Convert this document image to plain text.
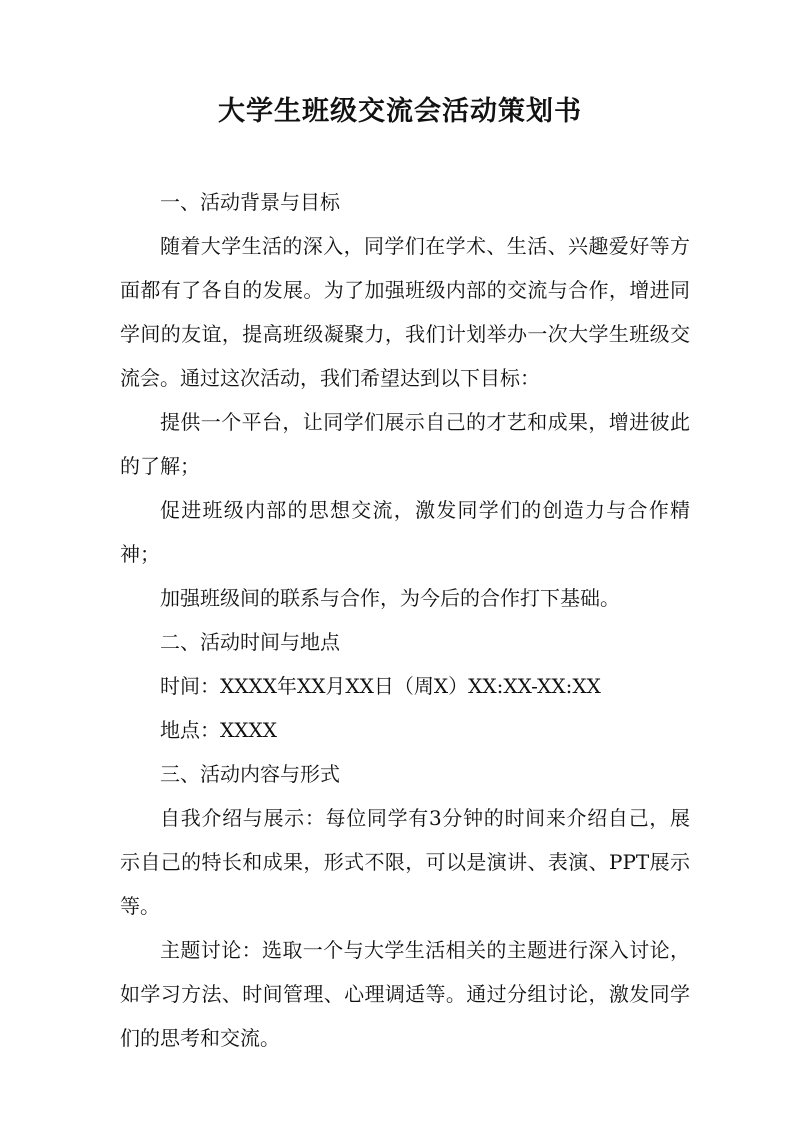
大学生班级交流会活动策划书

一、活动背景与目标

随着大学生活的深入，同学们在学术、生活、兴趣爱好等方面都有了各自的发展。为了加强班级内部的交流与合作，增进同学间的友谊，提高班级凝聚力，我们计划举办一次大学生班级交流会。通过这次活动，我们希望达到以下目标：

提供一个平台，让同学们展示自己的才艺和成果，增进彼此的了解；

促进班级内部的思想交流，激发同学们的创造力与合作精神；

加强班级间的联系与合作，为今后的合作打下基础。

二、活动时间与地点

时间：XXXX年XX月XX日（周X）XX:XX-XX:XX

地点：XXXX

三、活动内容与形式

自我介绍与展示：每位同学有3分钟的时间来介绍自己，展示自己的特长和成果，形式不限，可以是演讲、表演、PPT展示等。

主题讨论：选取一个与大学生活相关的主题进行深入讨论，如学习方法、时间管理、心理调适等。通过分组讨论，激发同学们的思考和交流。
